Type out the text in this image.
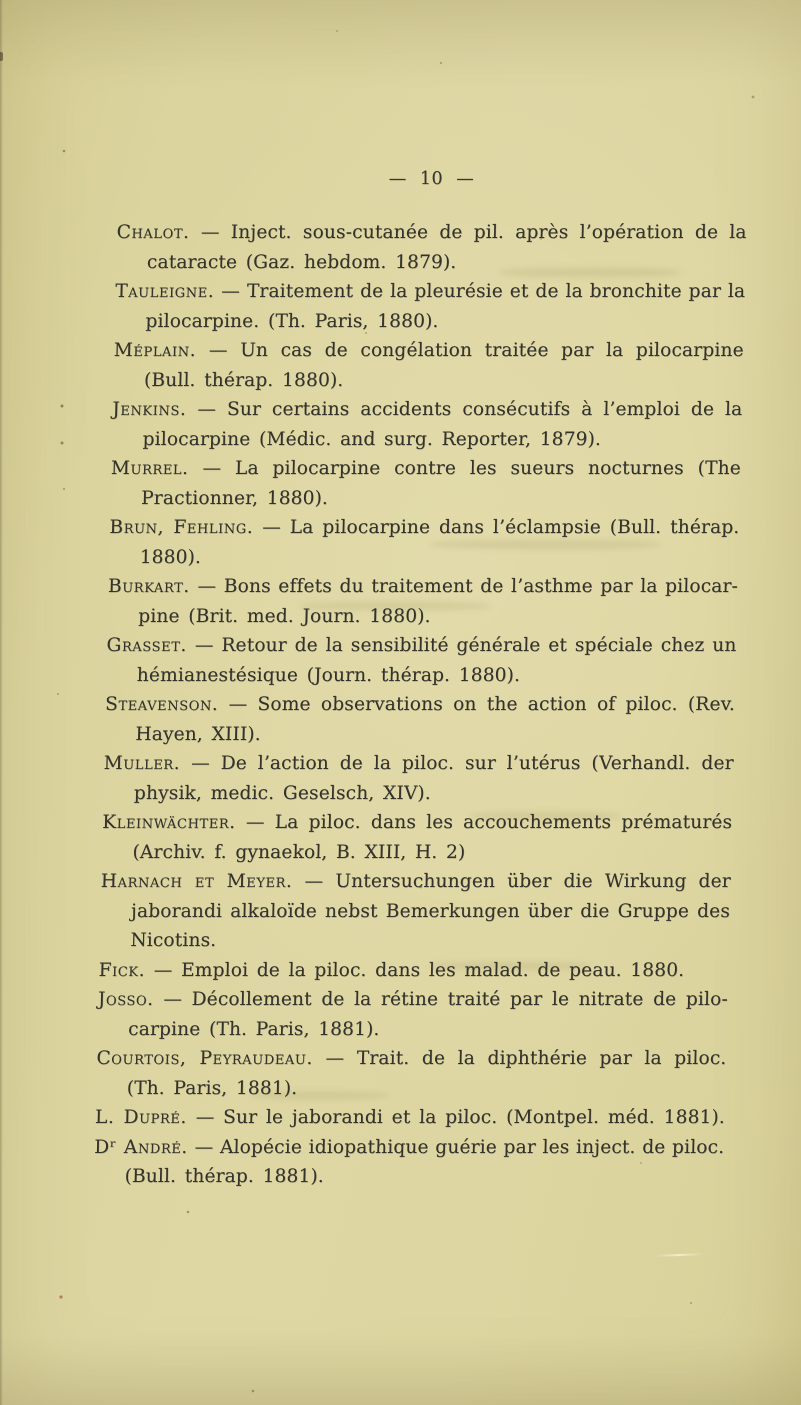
— 10 —

Chalot. — Inject. sous-cutanée de pil. après l’opération de la
cataracte (Gaz. hebdom. 1879).

Tauleigne. — Traitement de la pleurésie et de la bronchite par la
pilocarpine. (Th. Paris, 1880).

Méplain. — Un cas de congélation traitée par la pilocarpine
(Bull. thérap. 1880).

Jenkins. — Sur certains accidents consécutifs à l’emploi de la
pilocarpine (Médic. and surg. Reporter, 1879).

Murrel. — La pilocarpine contre les sueurs nocturnes (The
Practionner, 1880).

Brun, Fehling. — La pilocarpine dans l’éclampsie (Bull. thérap.
1880).

Burkart. — Bons effets du traitement de l’asthme par la pilocar-
pine (Brit. med. Journ. 1880).

Grasset. — Retour de la sensibilité générale et spéciale chez un
hémianestésique (Journ. thérap. 1880).

Steavenson. — Some observations on the action of piloc. (Rev.
Hayen, XIII).

Muller. — De l’action de la piloc. sur l’utérus (Verhandl. der
physik, medic. Geselsch, XIV).

Kleinwächter. — La piloc. dans les accouchements prématurés
(Archiv. f. gynaekol, B. XIII, H. 2)

Harnach et Meyer. — Untersuchungen über die Wirkung der
jaborandi alkaloïde nebst Bemerkungen über die Gruppe des
Nicotins.

Fick. — Emploi de la piloc. dans les malad. de peau. 1880.

Josso. — Décollement de la rétine traité par le nitrate de pilo-
carpine (Th. Paris, 1881).

Courtois, Peyraudeau. — Trait. de la diphthérie par la piloc.
(Th. Paris, 1881).

L. Dupré. — Sur le jaborandi et la piloc. (Montpel. méd. 1881).

Dʳ André. — Alopécie idiopathique guérie par les inject. de piloc.
(Bull. thérap. 1881).
